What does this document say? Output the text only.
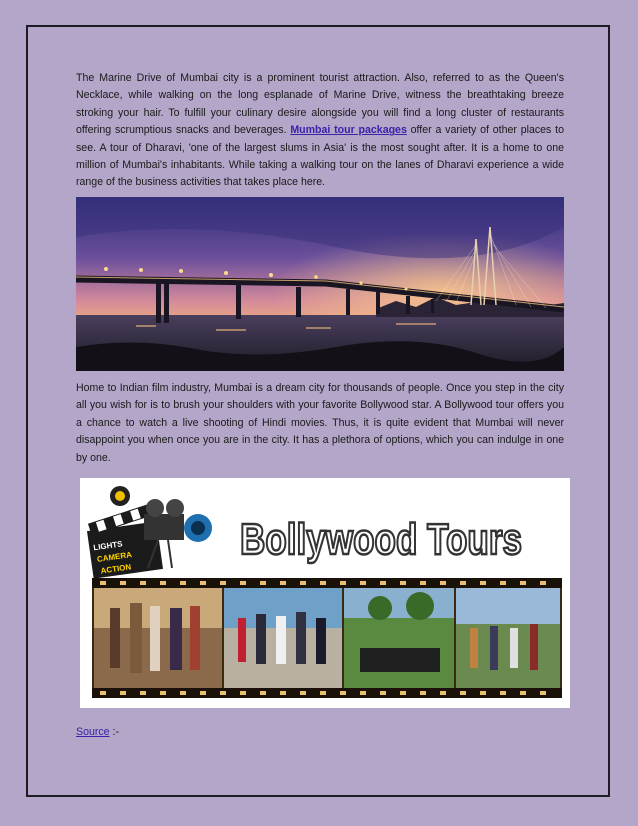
The Marine Drive of Mumbai city is a prominent tourist attraction. Also, referred to as the Queen's Necklace, while walking on the long esplanade of Marine Drive, witness the breathtaking breeze stroking your hair. To fulfill your culinary desire alongside you will find a long cluster of restaurants offering scrumptious snacks and beverages. Mumbai tour packages offer a variety of other places to see. A tour of Dharavi, 'one of the largest slums in Asia' is the most sought after. It is a home to one million of Mumbai's inhabitants. While taking a walking tour on the lanes of Dharavi experience a wide range of the business activities that takes place here.

Home to Indian film industry, Mumbai is a dream city for thousands of people. Once you step in the city all you wish for is to brush your shoulders with your favorite Bollywood star. A Bollywood tour offers you a chance to watch a live shooting of Hindi movies. Thus, it is quite evident that Mumbai will never disappoint you when once you are in the city. It has a plethora of options, which you can indulge in one by one.

LIGHTS
CAMERA
ACTION
Bollywood Tours
Source :-
